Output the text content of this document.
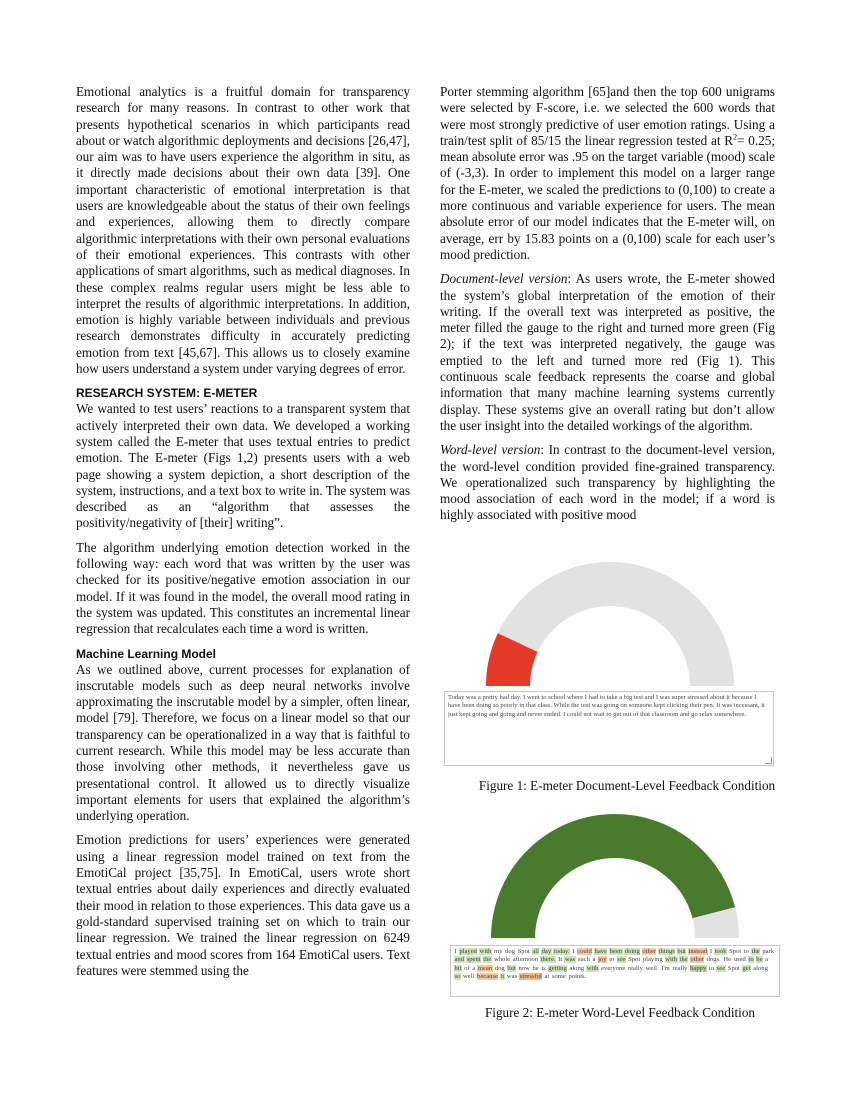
Emotional analytics is a fruitful domain for transparency research for many reasons. In contrast to other work that presents hypothetical scenarios in which participants read about or watch algorithmic deployments and decisions [26,47], our aim was to have users experience the algorithm in situ, as it directly made decisions about their own data [39]. One important characteristic of emotional interpretation is that users are knowledgeable about the status of their own feelings and experiences, allowing them to directly compare algorithmic interpretations with their own personal evaluations of their emotional experiences. This contrasts with other applications of smart algorithms, such as medical diagnoses. In these complex realms regular users might be less able to interpret the results of algorithmic interpretations. In addition, emotion is highly variable between individuals and previous research demonstrates difficulty in accurately predicting emotion from text [45,67]. This allows us to closely examine how users understand a system under varying degrees of error.

RESEARCH SYSTEM: E-METER

We wanted to test users’ reactions to a transparent system that actively interpreted their own data. We developed a working system called the E-meter that uses textual entries to predict emotion. The E-meter (Figs 1,2) presents users with a web page showing a system depiction, a short description of the system, instructions, and a text box to write in. The system was described as an “algorithm that assesses the positivity/negativity of [their] writing”.

The algorithm underlying emotion detection worked in the following way: each word that was written by the user was checked for its positive/negative emotion association in our model. If it was found in the model, the overall mood rating in the system was updated. This constitutes an incremental linear regression that recalculates each time a word is written.

Machine Learning Model

As we outlined above, current processes for explanation of inscrutable models such as deep neural networks involve approximating the inscrutable model by a simpler, often linear, model [79]. Therefore, we focus on a linear model so that our transparency can be operationalized in a way that is faithful to current research. While this model may be less accurate than those involving other methods, it nevertheless gave us presentational control. It allowed us to directly visualize important elements for users that explained the algorithm’s underlying operation.

Emotion predictions for users’ experiences were generated using a linear regression model trained on text from the EmotiCal project [35,75]. In EmotiCal, users wrote short textual entries about daily experiences and directly evaluated their mood in relation to those experiences. This data gave us a gold-standard supervised training set on which to train our linear regression. We trained the linear regression on 6249 textual entries and mood scores from 164 EmotiCal users. Text features were stemmed using the

Porter stemming algorithm [65]and then the top 600 unigrams were selected by F-score, i.e. we selected the 600 words that were most strongly predictive of user emotion ratings. Using a train/test split of 85/15 the linear regression tested at $R^2= 0.25$; mean absolute error was .95 on the target variable (mood) scale of (-3,3). In order to implement this model on a larger range for the E-meter, we scaled the predictions to (0,100) to create a more continuous and variable experience for users. The mean absolute error of our model indicates that the E-meter will, on average, err by 15.83 points on a (0,100) scale for each user’s mood prediction.

Document-level version: As users wrote, the E-meter showed the system’s global interpretation of the emotion of their writing. If the overall text was interpreted as positive, the meter filled the gauge to the right and turned more green (Fig 2); if the text was interpreted negatively, the gauge was emptied to the left and turned more red (Fig 1). This continuous scale feedback represents the coarse and global information that many machine learning systems currently display. These systems give an overall rating but don’t allow the user insight into the detailed workings of the algorithm.

Word-level version: In contrast to the document-level version, the word-level condition provided fine-grained transparency. We operationalized such transparency by highlighting the mood association of each word in the model; if a word is highly associated with positive mood

Today was a pretty bad day. I went to school where I had to take a big test and I was super stressed about it because I have been doing so poorly in that class. While the test was going on someone kept clicking their pen. It was incessant, it just kept going and going and never ended. I could not wait to get out of that classroom and go relax somewhere.
Figure 1: E-meter Document-Level Feedback Condition
I played with my dog Spot all day today. I could have been doing other things but instead I took Spot to the park and spent the whole afternoon there. It was such a joy to see Spot playing with the other dogs. He used to be a bit of a mean dog but now he is getting along with everyone really well. I'm really happy to see Spot get along so well because it was stressful at some points.
Figure 2: E-meter Word-Level Feedback Condition
